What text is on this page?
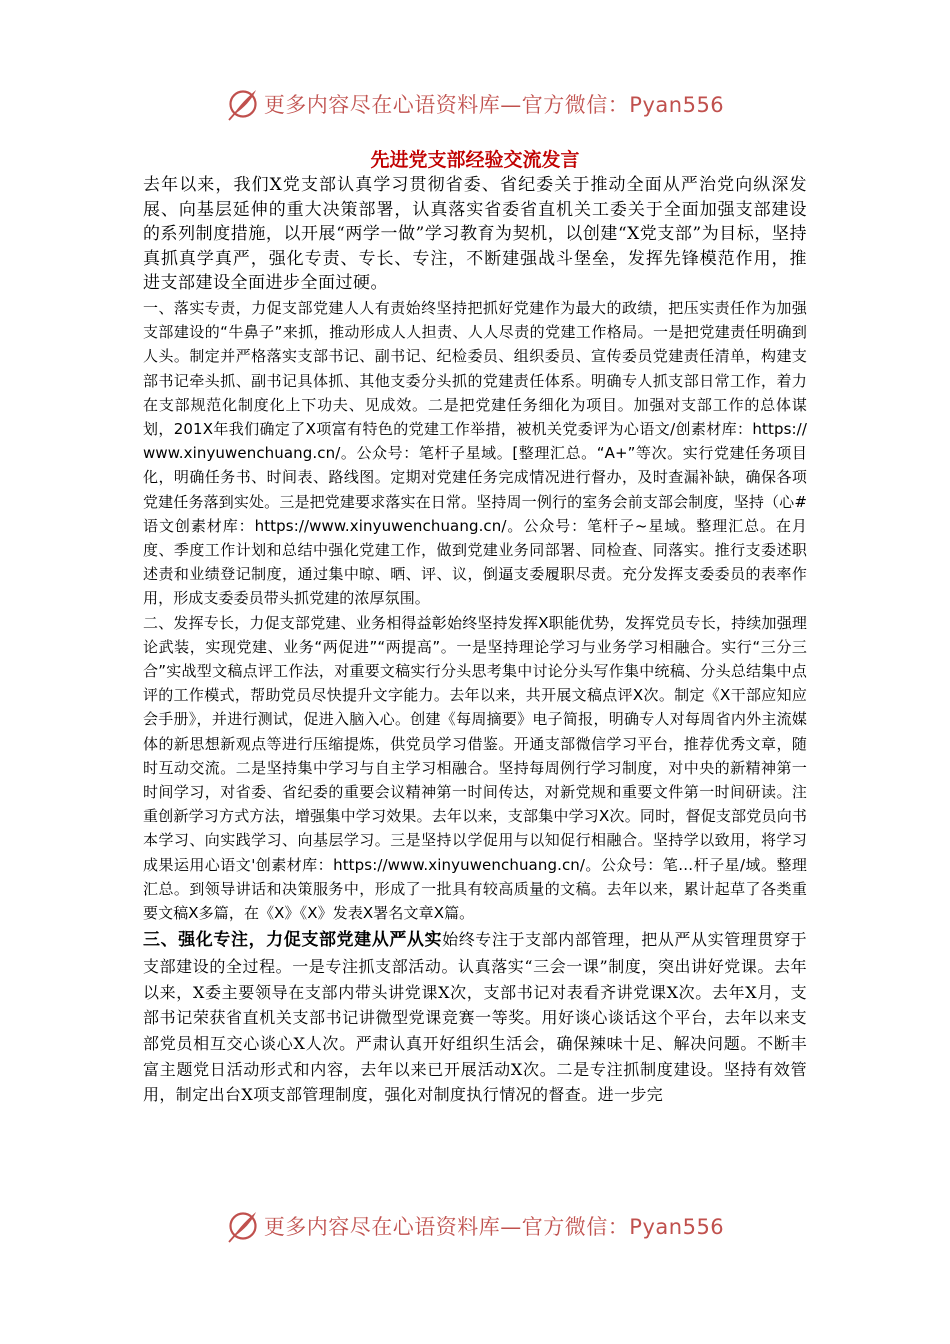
更多内容尽在心语资料库—官方微信：Pyan556
先进党支部经验交流发言

去年以来，我们X党支部认真学习贯彻省委、省纪委关于推动全面从严治党向纵深发展、向基层延伸的重大决策部署，认真落实省委省直机关工委关于全面加强支部建设的系列制度措施，以开展“两学一做”学习教育为契机，以创建“X党支部”为目标，坚持真抓真学真严，强化专责、专长、专注，不断建强战斗堡垒，发挥先锋模范作用，推进支部建设全面进步全面过硬。

一、落实专责，力促支部党建人人有责始终坚持把抓好党建作为最大的政绩，把压实责任作为加强支部建设的“牛鼻子”来抓，推动形成人人担责、人人尽责的党建工作格局。一是把党建责任明确到人头。制定并严格落实支部书记、副书记、纪检委员、组织委员、宣传委员党建责任清单，构建支部书记牵头抓、副书记具体抓、其他支委分头抓的党建责任体系。明确专人抓支部日常工作，着力在支部规范化制度化上下功夫、见成效。二是把党建任务细化为项目。加强对支部工作的总体谋划，201X年我们确定了X项富有特色的党建工作举措，被机关党委评为心语文/创素材库：https://www.xinyuwenchuang.cn/。公众号：笔杆子星域。[整理汇总。“A+”等次。实行党建任务项目化，明确任务书、时间表、路线图。定期对党建任务完成情况进行督办，及时查漏补缺，确保各项党建任务落到实处。三是把党建要求落实在日常。坚持周一例行的室务会前支部会制度，坚持（心#语文创素材库：https://www.xinyuwenchuang.cn/。公众号：笔杆子~星域。整理汇总。在月度、季度工作计划和总结中强化党建工作，做到党建业务同部署、同检查、同落实。推行支委述职述责和业绩登记制度，通过集中晾、晒、评、议，倒逼支委履职尽责。充分发挥支委委员的表率作用，形成支委委员带头抓党建的浓厚氛围。

二、发挥专长，力促支部党建、业务相得益彰始终坚持发挥X职能优势，发挥党员专长，持续加强理论武装，实现党建、业务“两促进”“两提高”。一是坚持理论学习与业务学习相融合。实行“三分三合”实战型文稿点评工作法，对重要文稿实行分头思考集中讨论分头写作集中统稿、分头总结集中点评的工作模式，帮助党员尽快提升文字能力。去年以来，共开展文稿点评X次。制定《X干部应知应会手册》，并进行测试，促进入脑入心。创建《每周摘要》电子简报，明确专人对每周省内外主流媒体的新思想新观点等进行压缩提炼，供党员学习借鉴。开通支部微信学习平台，推荐优秀文章，随时互动交流。二是坚持集中学习与自主学习相融合。坚持每周例行学习制度，对中央的新精神第一时间学习，对省委、省纪委的重要会议精神第一时间传达，对新党规和重要文件第一时间研读。注重创新学习方式方法，增强集中学习效果。去年以来，支部集中学习X次。同时，督促支部党员向书本学习、向实践学习、向基层学习。三是坚持以学促用与以知促行相融合。坚持学以致用，将学习成果运用心语文'创素材库：https://www.xinyuwenchuang.cn/。公众号：笔…杆子星/域。整理汇总。到领导讲话和决策服务中，形成了一批具有较高质量的文稿。去年以来，累计起草了各类重要文稿X多篇，在《X》《X》发表X署名文章X篇。

三、强化专注，力促支部党建从严从实始终专注于支部内部管理，把从严从实管理贯穿于支部建设的全过程。一是专注抓支部活动。认真落实“三会一课”制度，突出讲好党课。去年以来，X委主要领导在支部内带头讲党课X次，支部书记对表看齐讲党课X次。去年X月，支部书记荣获省直机关支部书记讲微型党课竞赛一等奖。用好谈心谈话这个平台，去年以来支部党员相互交心谈心X人次。严肃认真开好组织生活会，确保辣味十足、解决问题。不断丰富主题党日活动形式和内容，去年以来已开展活动X次。二是专注抓制度建设。坚持有效管用，制定出台X项支部管理制度，强化对制度执行情况的督查。进一步完

更多内容尽在心语资料库—官方微信：Pyan556
